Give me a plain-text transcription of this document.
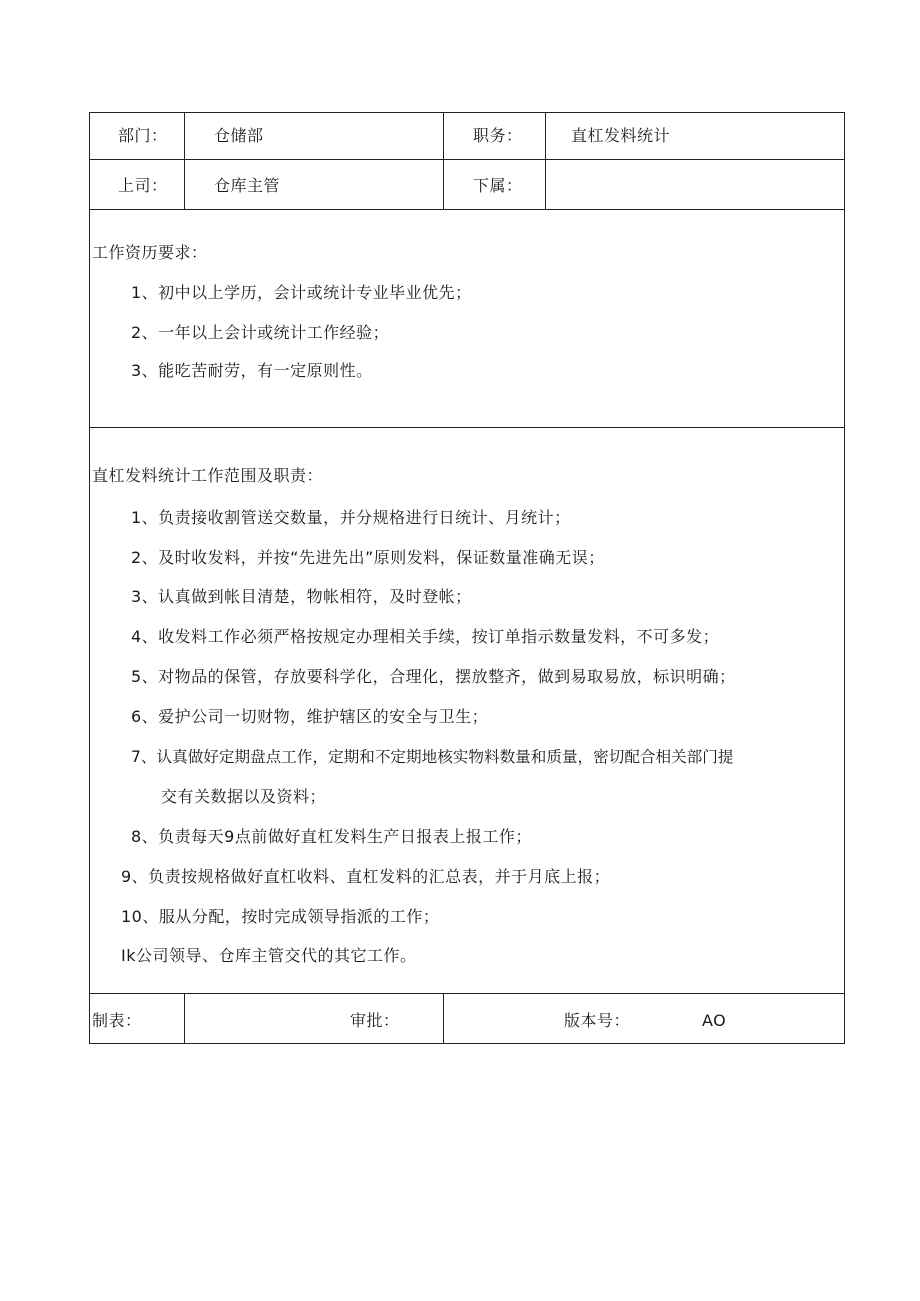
部门：	仓储部	职务：	直杠发料统计
上司：	仓库主管	下属：
工作资历要求：
1、初中以上学历，会计或统计专业毕业优先；
2、一年以上会计或统计工作经验；
3、能吃苦耐劳，有一定原则性。
直杠发料统计工作范围及职责：
1、负责接收割管送交数量，并分规格进行日统计、月统计；
2、及时收发料，并按“先进先出”原则发料，保证数量准确无误；
3、认真做到帐目清楚，物帐相符，及时登帐；
4、收发料工作必须严格按规定办理相关手续，按订单指示数量发料，不可多发；
5、对物品的保管，存放要科学化，合理化，摆放整齐，做到易取易放，标识明确；
6、爱护公司一切财物，维护辖区的安全与卫生；
7、认真做好定期盘点工作，定期和不定期地核实物料数量和质量，密切配合相关部门提
交有关数据以及资料；
8、负责每天9点前做好直杠发料生产日报表上报工作；
9、负责按规格做好直杠收料、直杠发料的汇总表，并于月底上报；
10、服从分配，按时完成领导指派的工作；
Ik公司领导、仓库主管交代的其它工作。
制表：	审批：	版本号：	AO
